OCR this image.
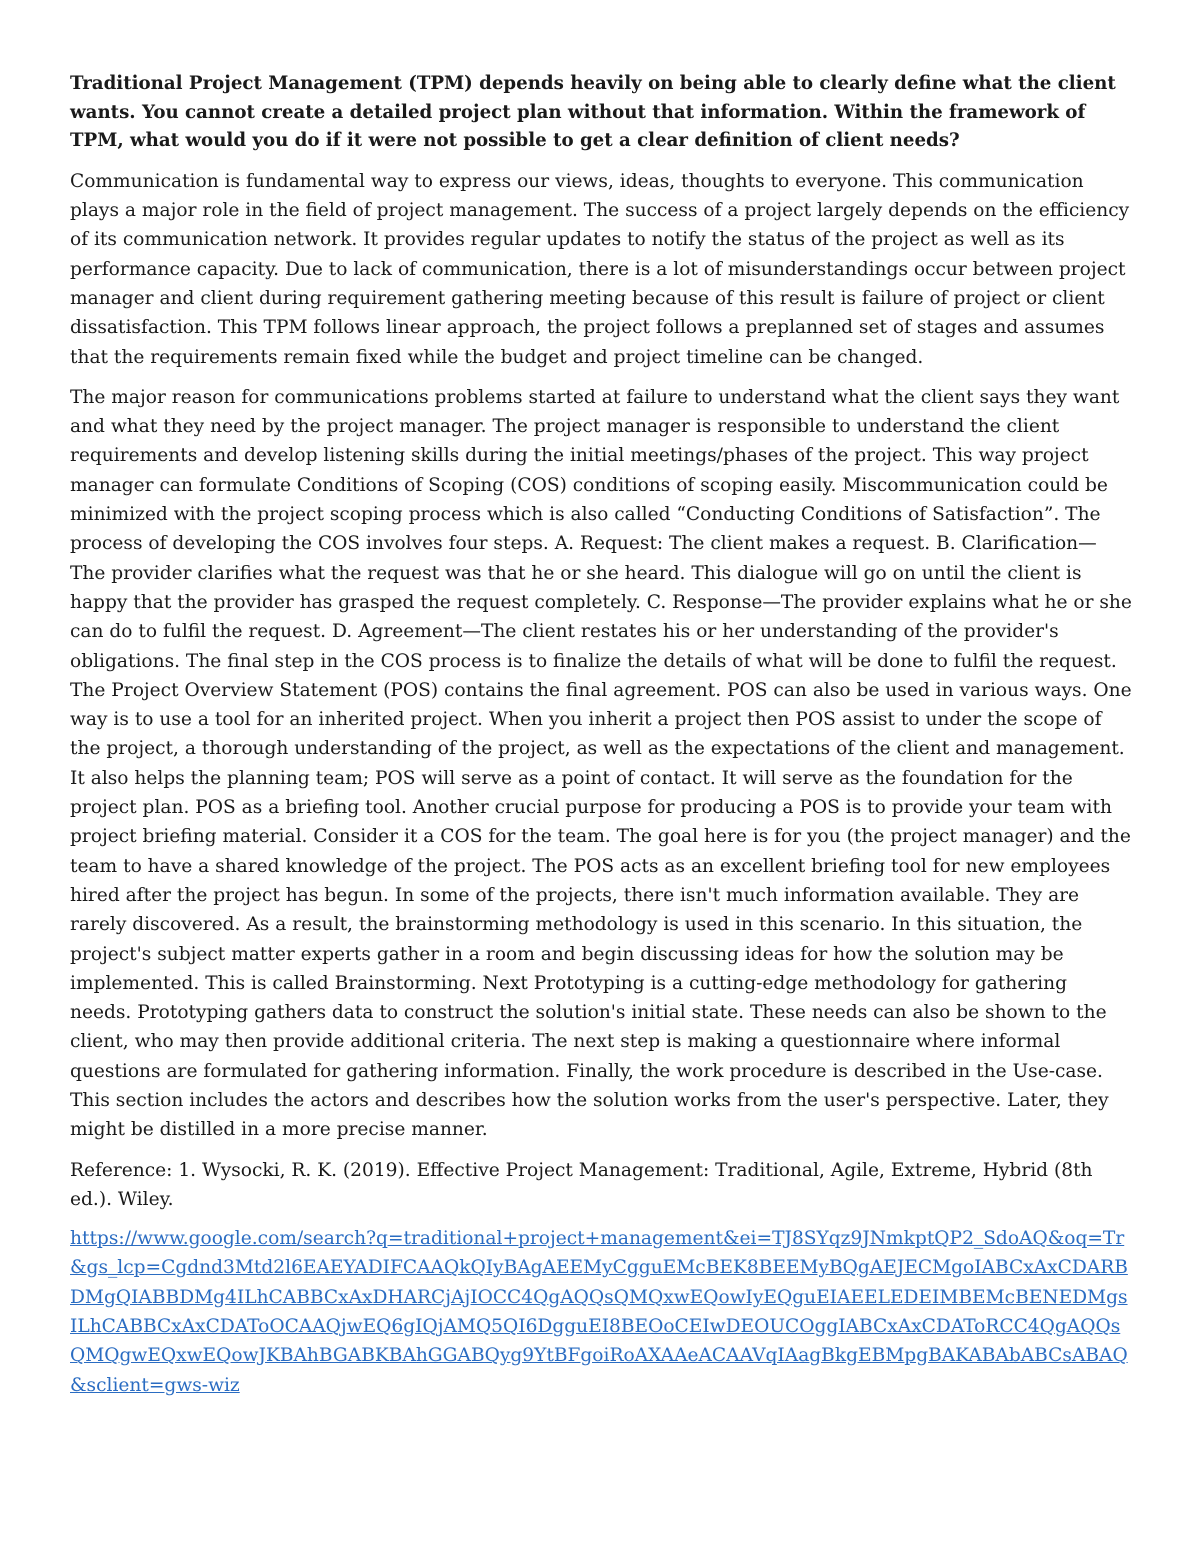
Traditional Project Management (TPM) depends heavily on being able to clearly define what the client wants. You cannot create a detailed project plan without that information. Within the framework of TPM, what would you do if it were not possible to get a clear definition of client needs?

Communication is fundamental way to express our views, ideas, thoughts to everyone. This communication plays a major role in the field of project management. The success of a project largely depends on the efficiency of its communication network. It provides regular updates to notify the status of the project as well as its performance capacity. Due to lack of communication, there is a lot of misunderstandings occur between project manager and client during requirement gathering meeting because of this result is failure of project or client dissatisfaction. This TPM follows linear approach, the project follows a preplanned set of stages and assumes that the requirements remain fixed while the budget and project timeline can be changed.

The major reason for communications problems started at failure to understand what the client says they want and what they need by the project manager. The project manager is responsible to understand the client requirements and develop listening skills during the initial meetings/phases of the project. This way project manager can formulate Conditions of Scoping (COS) conditions of scoping easily. Miscommunication could be minimized with the project scoping process which is also called “Conducting Conditions of Satisfaction”. The process of developing the COS involves four steps. A. Request: The client makes a request. B. Clarification—The provider clarifies what the request was that he or she heard. This dialogue will go on until the client is happy that the provider has grasped the request completely. C. Response—The provider explains what he or she can do to fulfil the request. D. Agreement—The client restates his or her understanding of the provider's obligations. The final step in the COS process is to finalize the details of what will be done to fulfil the request. The Project Overview Statement (POS) contains the final agreement. POS can also be used in various ways. One way is to use a tool for an inherited project. When you inherit a project then POS assist to under the scope of the project, a thorough understanding of the project, as well as the expectations of the client and management. It also helps the planning team; POS will serve as a point of contact. It will serve as the foundation for the project plan. POS as a briefing tool. Another crucial purpose for producing a POS is to provide your team with project briefing material. Consider it a COS for the team. The goal here is for you (the project manager) and the team to have a shared knowledge of the project. The POS acts as an excellent briefing tool for new employees hired after the project has begun. In some of the projects, there isn't much information available. They are rarely discovered. As a result, the brainstorming methodology is used in this scenario. In this situation, the project's subject matter experts gather in a room and begin discussing ideas for how the solution may be implemented. This is called Brainstorming. Next Prototyping is a cutting-edge methodology for gathering needs. Prototyping gathers data to construct the solution's initial state. These needs can also be shown to the client, who may then provide additional criteria. The next step is making a questionnaire where informal questions are formulated for gathering information. Finally, the work procedure is described in the Use-case. This section includes the actors and describes how the solution works from the user's perspective. Later, they might be distilled in a more precise manner.

Reference: 1. Wysocki, R. K. (2019). Effective Project Management: Traditional, Agile, Extreme, Hybrid (8th ed.). Wiley.

https://www.google.com/search?q=traditional+project+management&ei=TJ8SYqz9JNmkptQP2_SdoAQ&oq=Tr&gs_lcp=Cgdnd3Mtd2l6EAEYADIFCAAQkQIyBAgAEEMyCgguEMcBEK8BEEMyBQgAEJECMgoIABCxAxCDARBDMgQIABBDMg4ILhCABBCxAxDHARCjAjIOCC4QgAQQsQMQxwEQowIyEQguEIAEELEDEIMBEMcBENEDMgsILhCABBCxAxCDAToOCAAQjwEQ6gIQjAMQ5QI6DgguEI8BEOoCEIwDEOUCOggIABCxAxCDAToRCC4QgAQQsQMQgwEQxwEQowJKBAhBGABKBAhGGABQyg9YtBFgoiRoAXAAeACAAVqIAagBkgEBMpgBAKABAbABCsABAQ&sclient=gws-wiz
